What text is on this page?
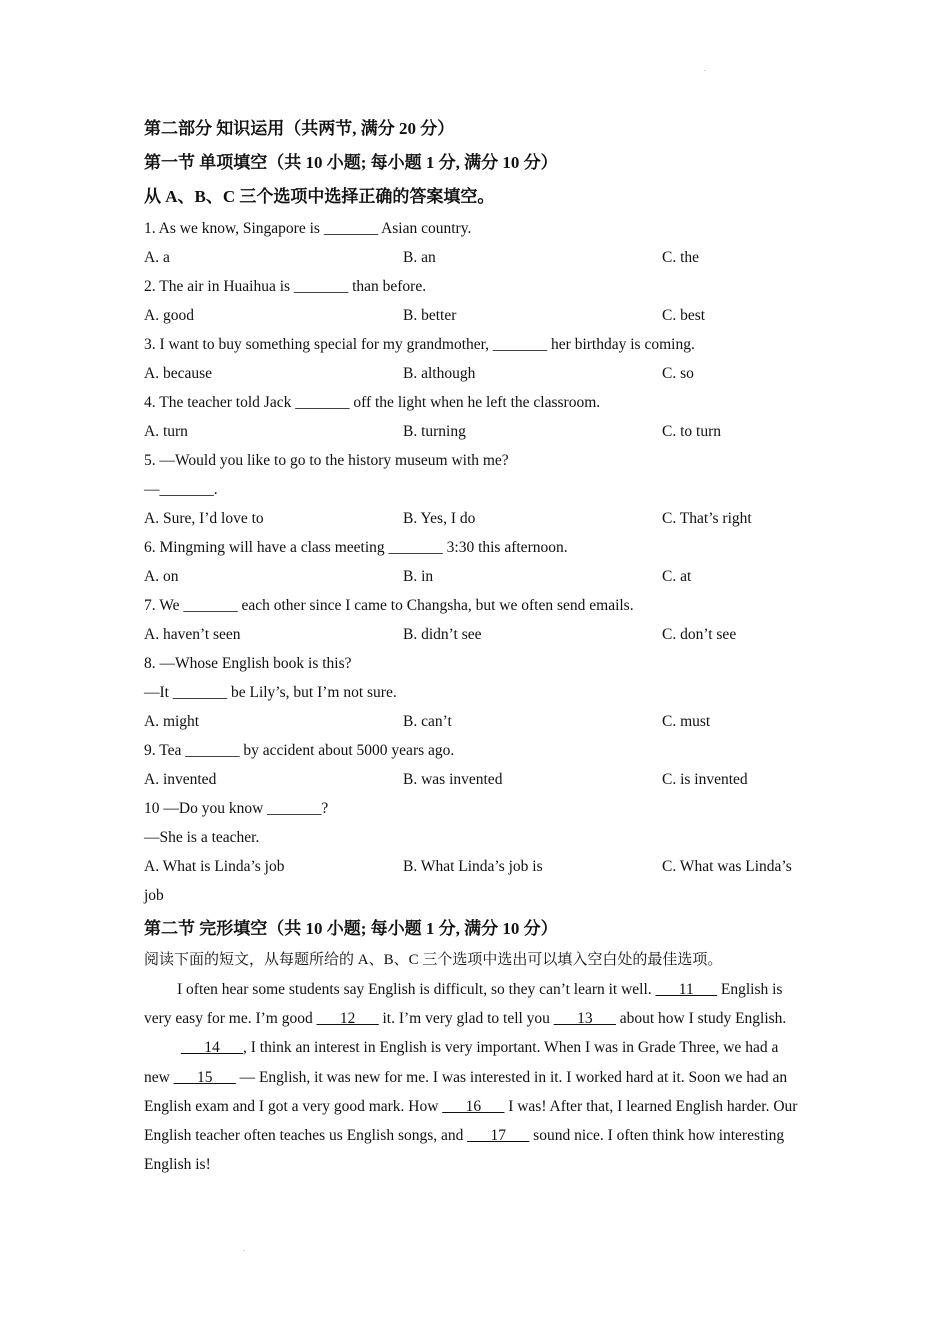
.
.
第二部分 知识运用（共两节, 满分 20 分）
第一节 单项填空（共 10 小题; 每小题 1 分, 满分 10 分）
从 A、B、C 三个选项中选择正确的答案填空。
1. As we know, Singapore is _______ Asian country.
A. a	B. an	C. the
2. The air in Huaihua is _______ than before.
A. good	B. better	C. best
3. I want to buy something special for my grandmother, _______ her birthday is coming.
A. because	B. although	C. so
4. The teacher told Jack _______ off the light when he left the classroom.
A. turn	B. turning	C. to turn
5. —Would you like to go to the history museum with me?
—_______.
A. Sure, I’d love to	B. Yes, I do	C. That’s right
6. Mingming will have a class meeting _______ 3:30 this afternoon.
A. on	B. in	C. at
7. We _______ each other since I came to Changsha, but we often send emails.
A. haven’t seen	B. didn’t see	C. don’t see
8. —Whose English book is this?
—It _______ be Lily’s, but I’m not sure.
A. might	B. can’t	C. must
9. Tea _______ by accident about 5000 years ago.
A. invented	B. was invented	C. is invented
10 —Do you know _______?
—She is a teacher.
A. What is Linda’s job	B. What Linda’s job is	C. What was Linda’s
job
第二节 完形填空（共 10 小题; 每小题 1 分, 满分 10 分）
阅读下面的短文，从每题所给的 A、B、C 三个选项中选出可以填入空白处的最佳选项。

I often hear some students say English is difficult, so they can’t learn it well. ___11___ English is very easy for me. I’m good ___12___ it. I’m very glad to tell you ___13___ about how I study English.

___14___, I think an interest in English is very important. When I was in Grade Three, we had a new ___15___ — English, it was new for me. I was interested in it. I worked hard at it. Soon we had an English exam and I got a very good mark. How ___16___ I was! After that, I learned English harder. Our English teacher often teaches us English songs, and ___17___ sound nice. I often think how interesting English is!
